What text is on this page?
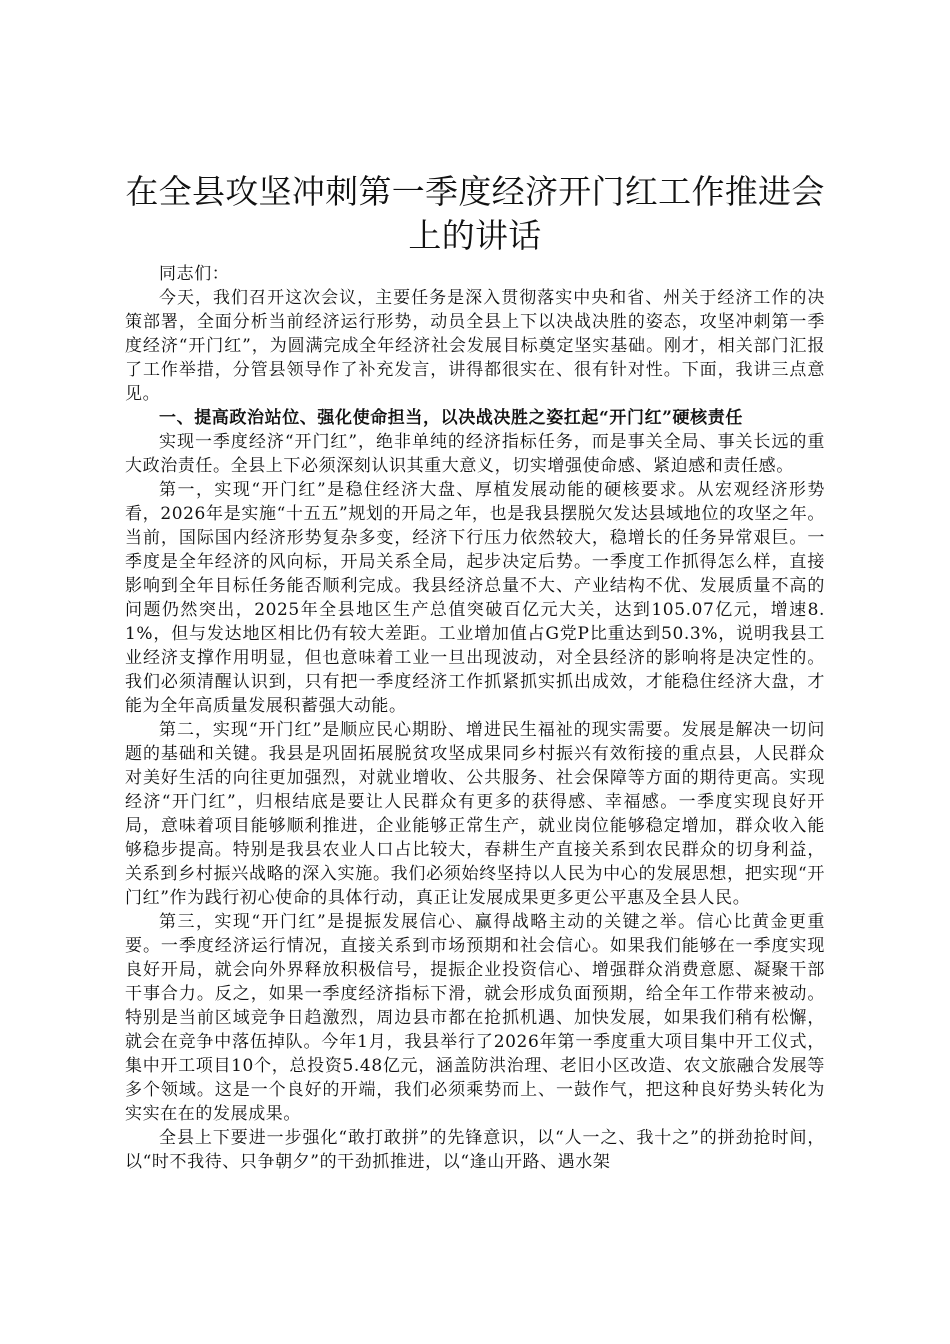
在全县攻坚冲刺第一季度经济开门红工作推进会上的讲话

同志们：

今天，我们召开这次会议，主要任务是深入贯彻落实中央和省、州关于经济工作的决策部署，全面分析当前经济运行形势，动员全县上下以决战决胜的姿态，攻坚冲刺第一季度经济“开门红”，为圆满完成全年经济社会发展目标奠定坚实基础。刚才，相关部门汇报了工作举措，分管县领导作了补充发言，讲得都很实在、很有针对性。下面，我讲三点意见。

一、提高政治站位、强化使命担当，以决战决胜之姿扛起“开门红”硬核责任

实现一季度经济“开门红”，绝非单纯的经济指标任务，而是事关全局、事关长远的重大政治责任。全县上下必须深刻认识其重大意义，切实增强使命感、紧迫感和责任感。

第一，实现“开门红”是稳住经济大盘、厚植发展动能的硬核要求。从宏观经济形势看，2026年是实施“十五五”规划的开局之年，也是我县摆脱欠发达县域地位的攻坚之年。当前，国际国内经济形势复杂多变，经济下行压力依然较大，稳增长的任务异常艰巨。一季度是全年经济的风向标，开局关系全局，起步决定后势。一季度工作抓得怎么样，直接影响到全年目标任务能否顺利完成。我县经济总量不大、产业结构不优、发展质量不高的问题仍然突出，2025年全县地区生产总值突破百亿元大关，达到105.07亿元，增速8.1%，但与发达地区相比仍有较大差距。工业增加值占G党P比重达到50.3%，说明我县工业经济支撑作用明显，但也意味着工业一旦出现波动，对全县经济的影响将是决定性的。我们必须清醒认识到，只有把一季度经济工作抓紧抓实抓出成效，才能稳住经济大盘，才能为全年高质量发展积蓄强大动能。

第二，实现“开门红”是顺应民心期盼、增进民生福祉的现实需要。发展是解决一切问题的基础和关键。我县是巩固拓展脱贫攻坚成果同乡村振兴有效衔接的重点县，人民群众对美好生活的向往更加强烈，对就业增收、公共服务、社会保障等方面的期待更高。实现经济“开门红”，归根结底是要让人民群众有更多的获得感、幸福感。一季度实现良好开局，意味着项目能够顺利推进，企业能够正常生产，就业岗位能够稳定增加，群众收入能够稳步提高。特别是我县农业人口占比较大，春耕生产直接关系到农民群众的切身利益，关系到乡村振兴战略的深入实施。我们必须始终坚持以人民为中心的发展思想，把实现“开门红”作为践行初心使命的具体行动，真正让发展成果更多更公平惠及全县人民。

第三，实现“开门红”是提振发展信心、赢得战略主动的关键之举。信心比黄金更重要。一季度经济运行情况，直接关系到市场预期和社会信心。如果我们能够在一季度实现良好开局，就会向外界释放积极信号，提振企业投资信心、增强群众消费意愿、凝聚干部干事合力。反之，如果一季度经济指标下滑，就会形成负面预期，给全年工作带来被动。特别是当前区域竞争日趋激烈，周边县市都在抢抓机遇、加快发展，如果我们稍有松懈，就会在竞争中落伍掉队。今年1月，我县举行了2026年第一季度重大项目集中开工仪式，集中开工项目10个，总投资5.48亿元，涵盖防洪治理、老旧小区改造、农文旅融合发展等多个领域。这是一个良好的开端，我们必须乘势而上、一鼓作气，把这种良好势头转化为实实在在的发展成果。

全县上下要进一步强化“敢打敢拼”的先锋意识，以“人一之、我十之”的拼劲抢时间，以“时不我待、只争朝夕”的干劲抓推进，以“逢山开路、遇水架
